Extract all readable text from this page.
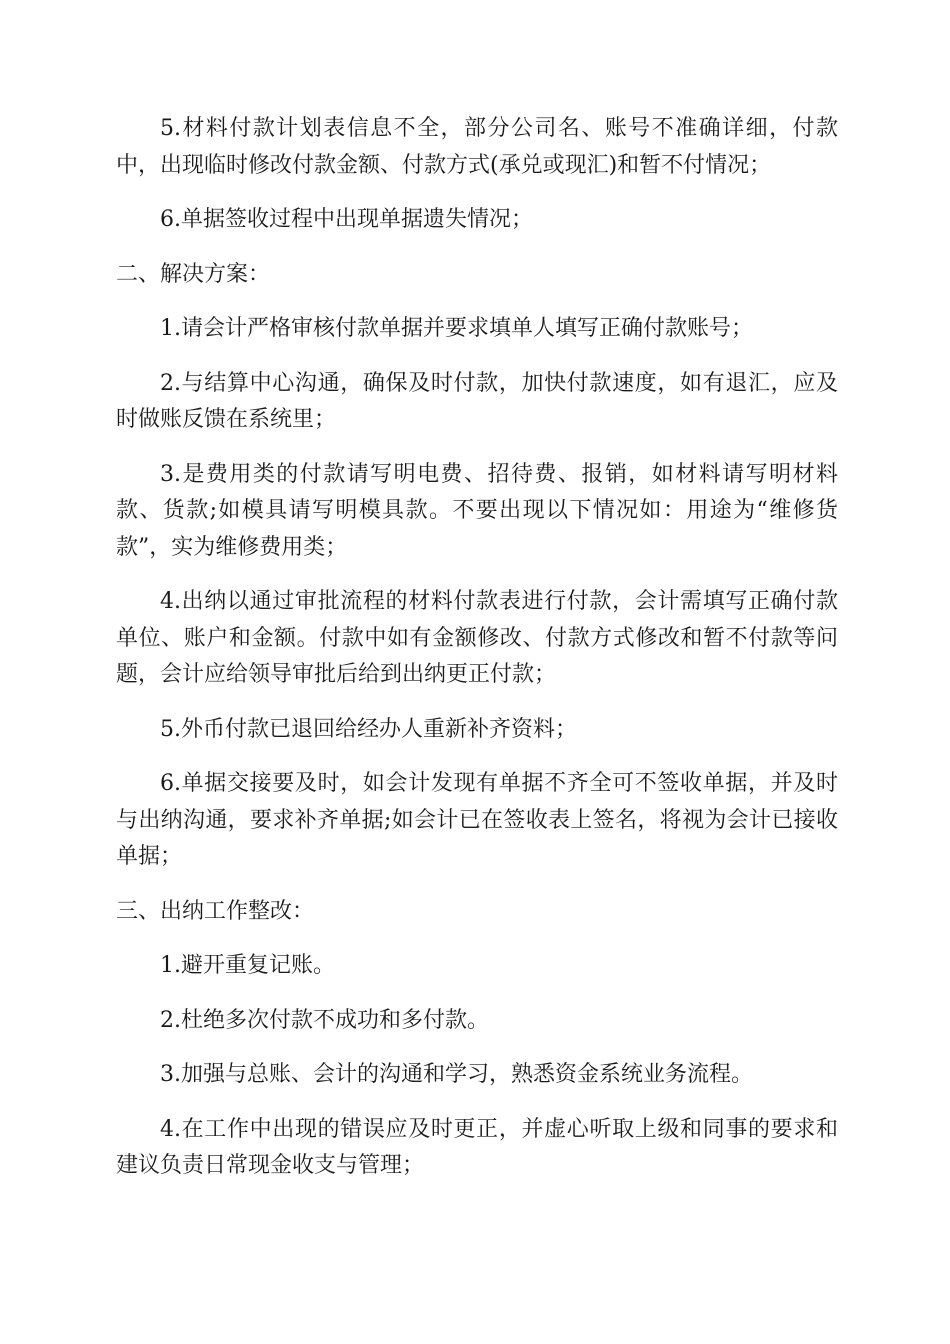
5.材料付款计划表信息不全，部分公司名、账号不准确详细，付款中，出现临时修改付款金额、付款方式(承兑或现汇)和暂不付情况；

6.单据签收过程中出现单据遗失情况；

二、解决方案：

1.请会计严格审核付款单据并要求填单人填写正确付款账号；

2.与结算中心沟通，确保及时付款，加快付款速度，如有退汇，应及时做账反馈在系统里；

3.是费用类的付款请写明电费、招待费、报销，如材料请写明材料款、货款;如模具请写明模具款。不要出现以下情况如：用途为“维修货款”，实为维修费用类；

4.出纳以通过审批流程的材料付款表进行付款，会计需填写正确付款单位、账户和金额。付款中如有金额修改、付款方式修改和暂不付款等问题，会计应给领导审批后给到出纳更正付款；

5.外币付款已退回给经办人重新补齐资料；

6.单据交接要及时，如会计发现有单据不齐全可不签收单据，并及时与出纳沟通，要求补齐单据;如会计已在签收表上签名，将视为会计已接收单据；

三、出纳工作整改：

1.避开重复记账。

2.杜绝多次付款不成功和多付款。

3.加强与总账、会计的沟通和学习，熟悉资金系统业务流程。

4.在工作中出现的错误应及时更正，并虚心听取上级和同事的要求和建议负责日常现金收支与管理；
